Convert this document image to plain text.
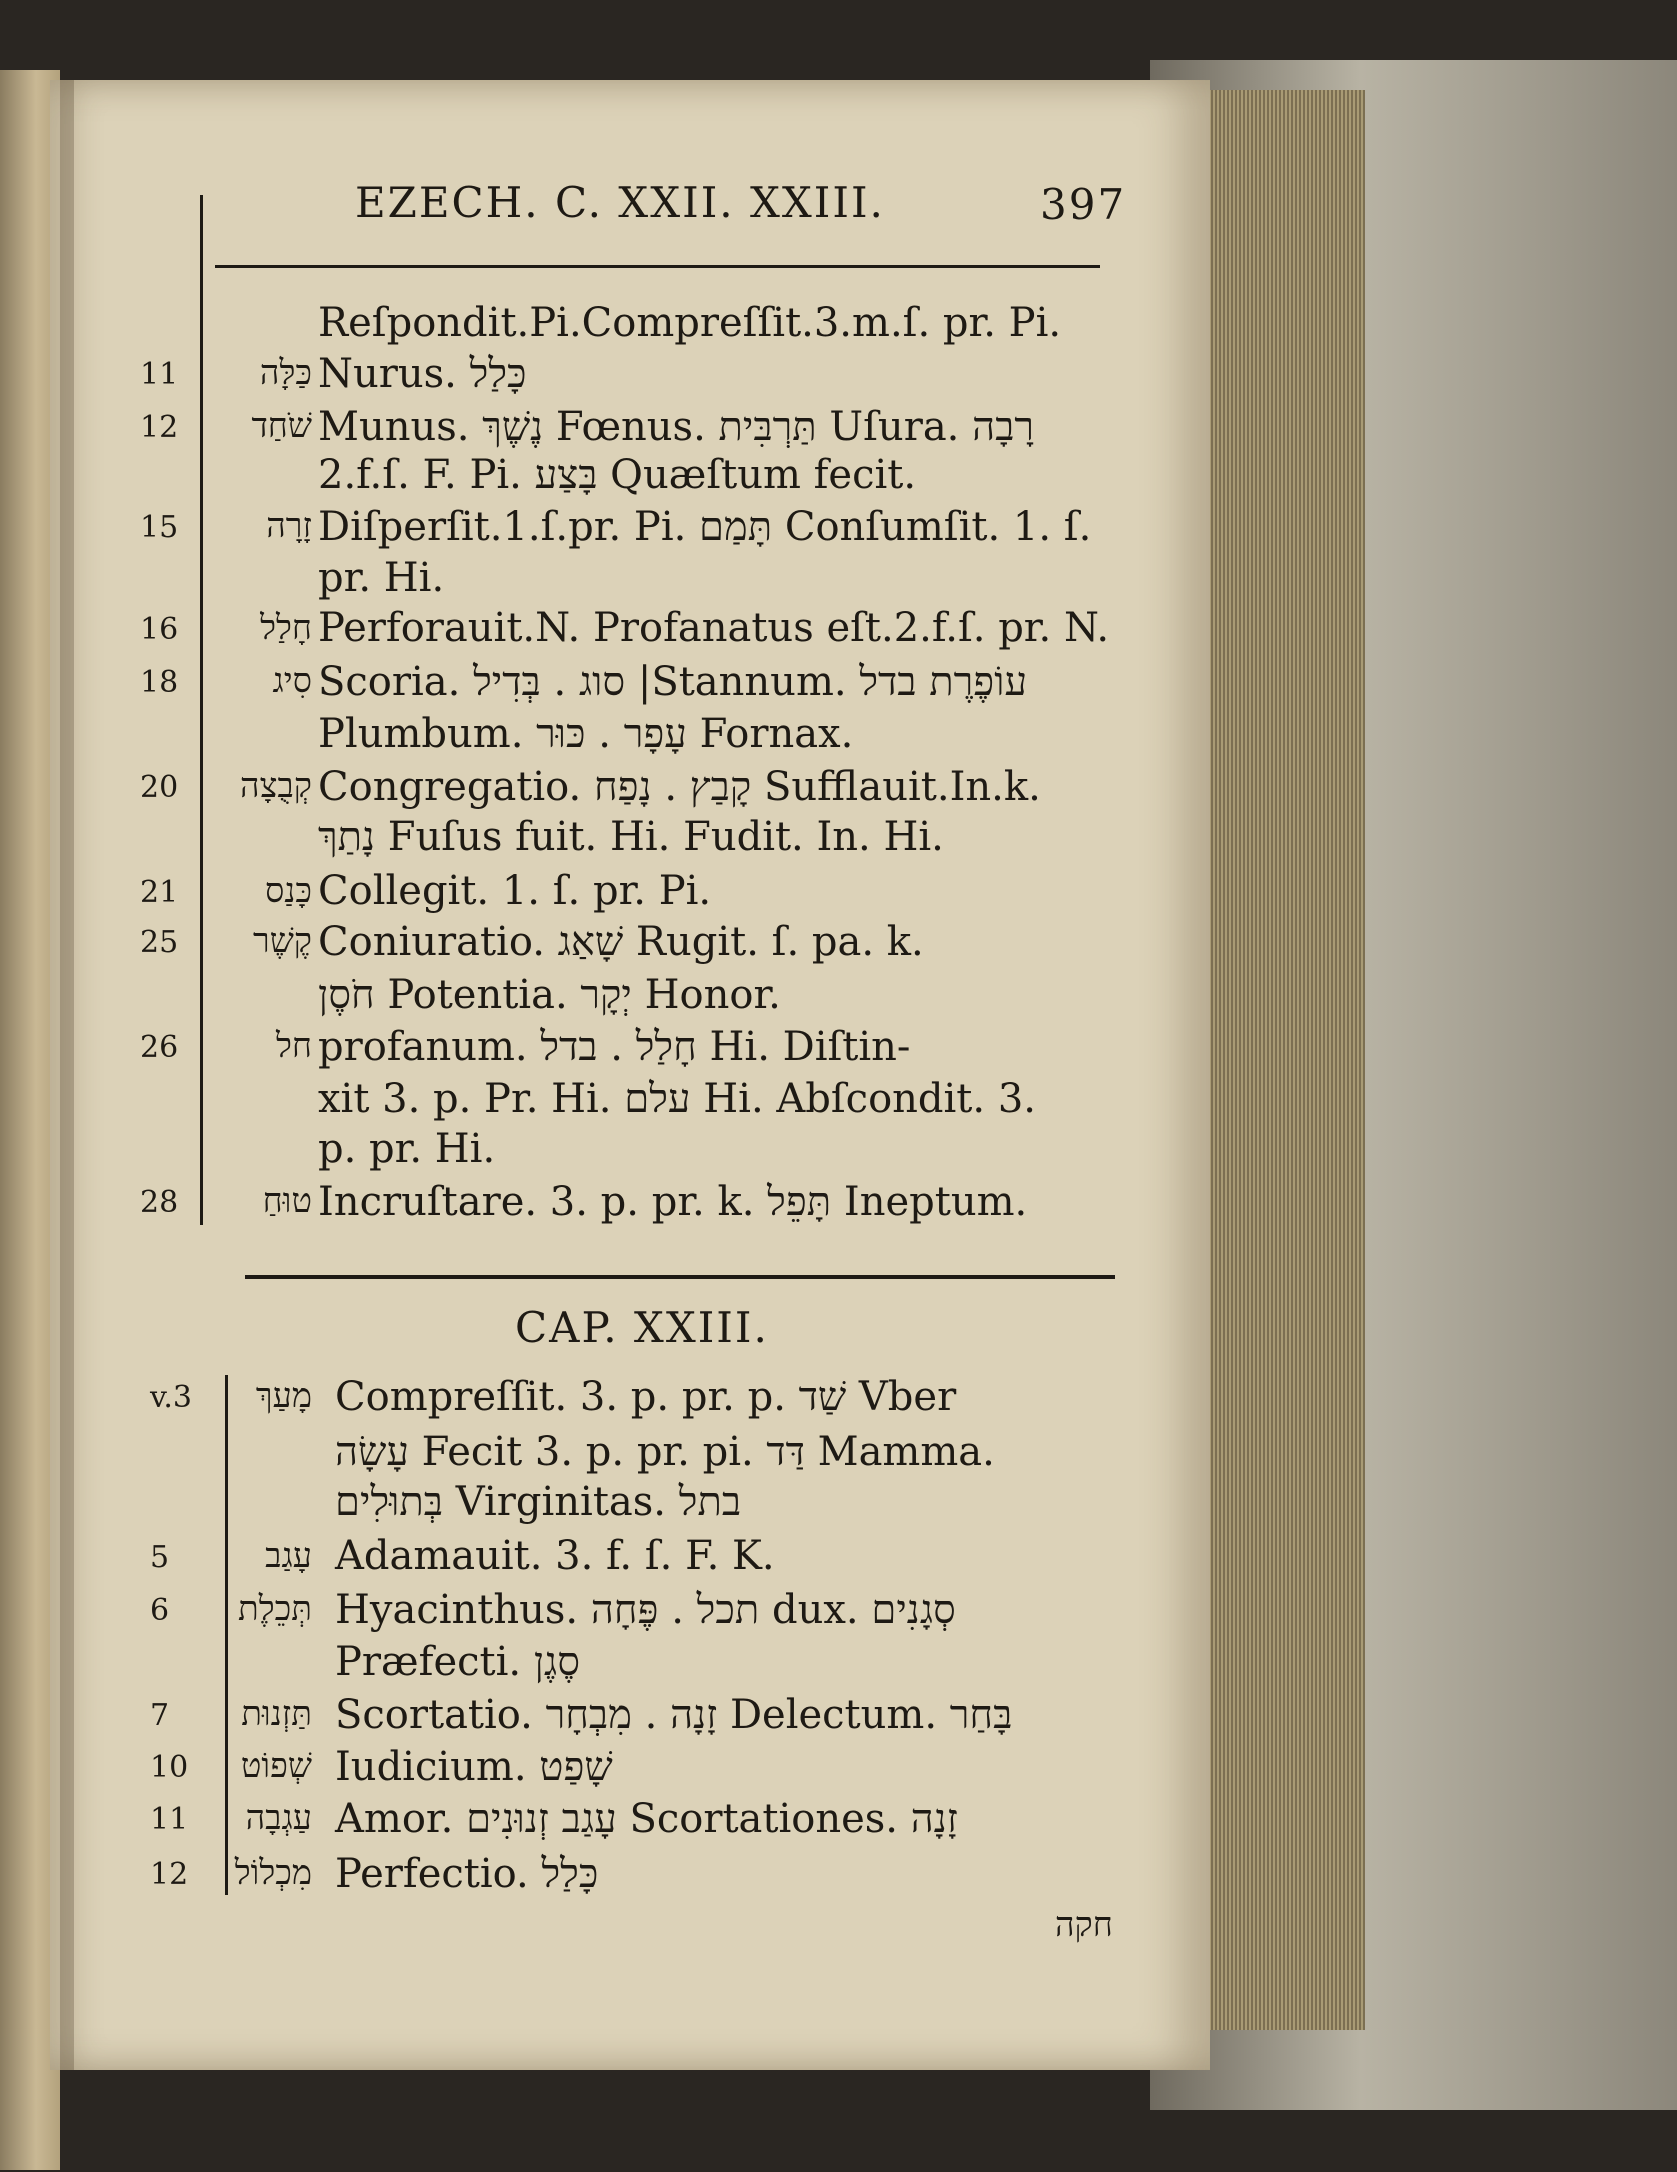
EZECH. C. XXII. XXIII.	397
Reſpondit.Pi.Compreſſit.3.m.ſ. pr. Pi.
11 כַּלָּה Nurus. כָּלַל
12 שֹׁחַד Munus. נֶשֶׁךְ Fœnus. תַּרְבִּית Uſura. רָבָה
2.f.ſ. F. Pi. בָּצַע Quæſtum fecit.
15	זָרָה Diſperſit.1.ſ.pr. Pi. תָּמַם Conſumſit. 1. ſ.
pr. Hi.
16 חָלַל Perforauit.N. Profanatus eſt.2.f.ſ. pr. N.
18	סִיג Scoria. סוג . בְּדִיל |Stannum. עוֹפֶרֶת בדל
Plumbum. עָפָר . כּוּר Fornax.
20 קְבֻצָה Congregatio. קָבַץ . נָפַח Sufflauit.In.k.
נָתַךְ Fuſus fuit. Hi. Fudit. In. Hi.
21	כָּנַס Collegit. 1. ſ. pr. Pi.
25 קֶשֶׁר Coniuratio. שָׁאַג Rugit. ſ. pa. k.
חֹסֶן Potentia. יְקָר Honor.
26	חל profanum. חָלַל . בדל Hi. Diſtin-
xit 3. p. Pr. Hi. עלם Hi. Abſcondit. 3.
p. pr. Hi.
28 טוּחַ Incruſtare. 3. p. pr. k. תָּפֵל Ineptum.
CAP. XXIII.
v.3 מָעַךְ Compreſſit. 3. p. pr. p. שַׁד Vber
עָשָׂה Fecit 3. p. pr. pi. דַּד Mamma.
בְּתוּלִים Virginitas. בתל
5	עָגַב Adamauit. 3. f. ſ. F. K.
6 תְּכֵלֶת Hyacinthus. תכל . פֶּחָה dux. סְגָנִים
Præfecti. סֶגֶן
7 תַּזְנוּת Scortatio. זָנָה . מִבְחָר Delectum. בָּחַר
10 שְׁפוֹט Iudicium. שָׁפַט
11 עַגְבָה Amor. עָגַב זְנוּנִים Scortationes. זָנָה
12 מִכְלוֹל Perfectio. כָּלַל
חקה
